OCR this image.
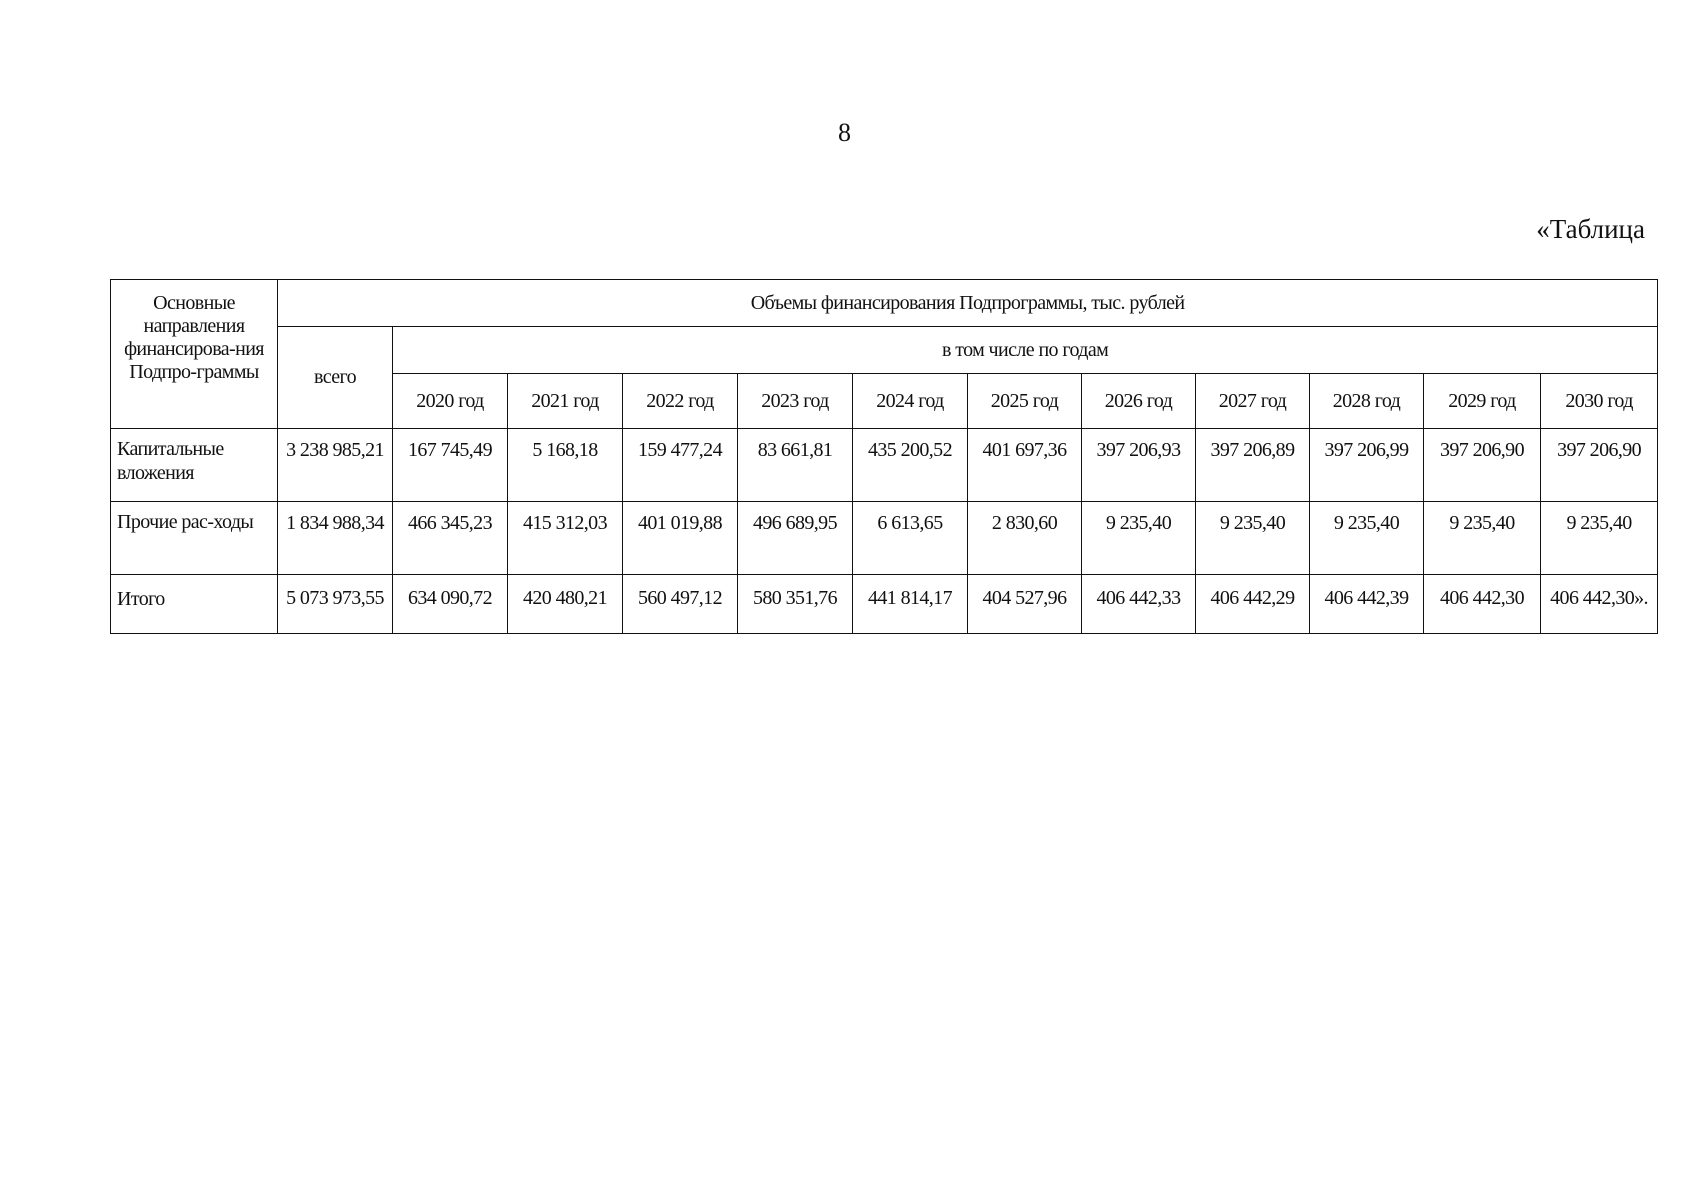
8
«Таблица
Основные направления финансирова-ния Подпро-граммы	Объемы финансирования Подпрограммы, тыс. рублей											
	всего	в том числе по годам										
		2020 год	2021 год	2022 год	2023 год	2024 год	2025 год	2026 год	2027 год	2028 год	2029 год	2030 год
Капитальные вложения	3 238 985,21	167 745,49	5 168,18	159 477,24	83 661,81	435 200,52	401 697,36	397 206,93	397 206,89	397 206,99	397 206,90	397 206,90
Прочие рас-ходы	1 834 988,34	466 345,23	415 312,03	401 019,88	496 689,95	6 613,65	2 830,60	9 235,40	9 235,40	9 235,40	9 235,40	9 235,40
Итого	5 073 973,55	634 090,72	420 480,21	560 497,12	580 351,76	441 814,17	404 527,96	406 442,33	406 442,29	406 442,39	406 442,30	406 442,30».
